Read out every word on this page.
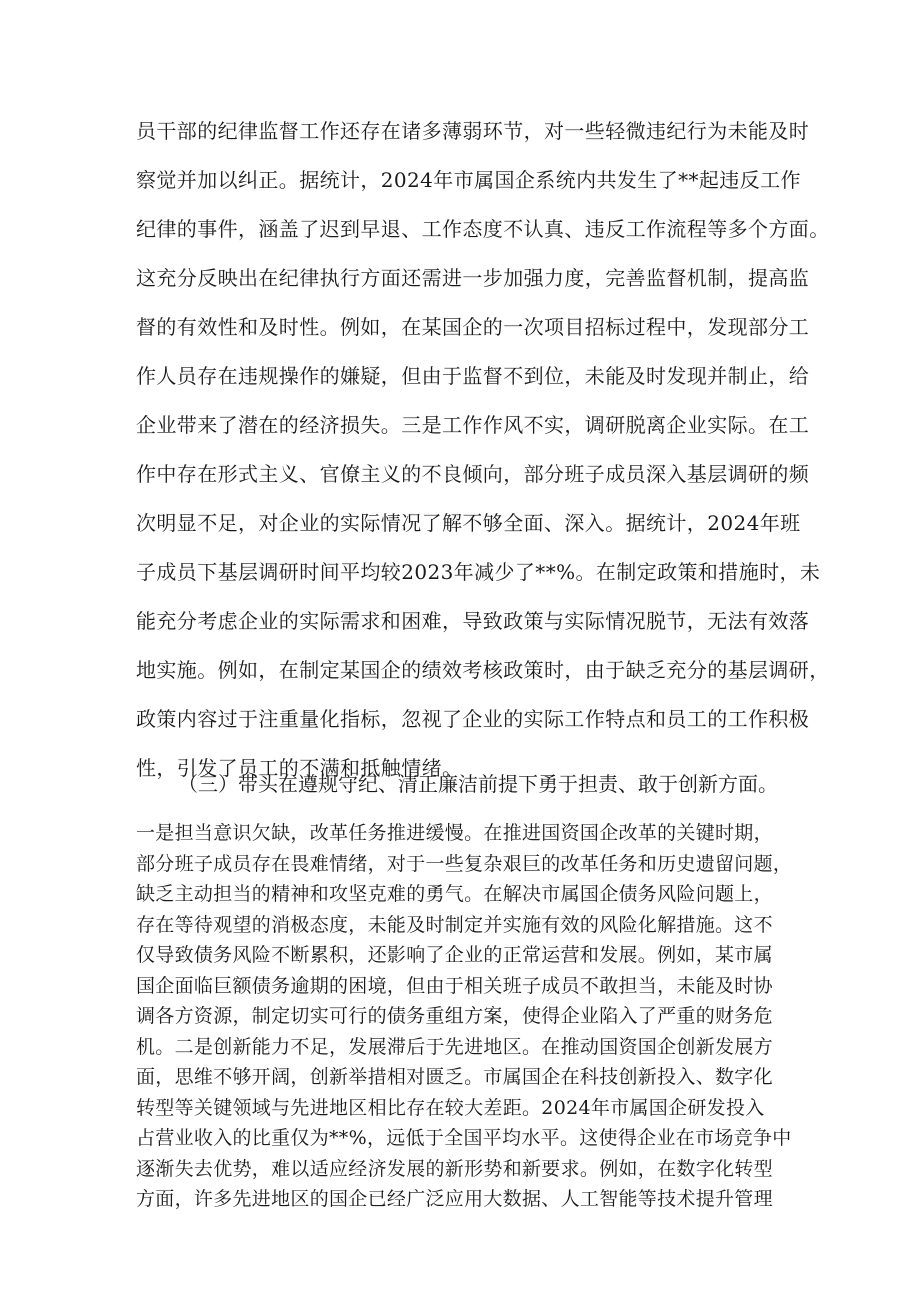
员干部的纪律监督工作还存在诸多薄弱环节，对一些轻微违纪行为未能及时

察觉并加以纠正。据统计，2024年市属国企系统内共发生了**起违反工作

纪律的事件，涵盖了迟到早退、工作态度不认真、违反工作流程等多个方面。

这充分反映出在纪律执行方面还需进一步加强力度，完善监督机制，提高监

督的有效性和及时性。例如，在某国企的一次项目招标过程中，发现部分工

作人员存在违规操作的嫌疑，但由于监督不到位，未能及时发现并制止，给

企业带来了潜在的经济损失。三是工作作风不实，调研脱离企业实际。在工

作中存在形式主义、官僚主义的不良倾向，部分班子成员深入基层调研的频

次明显不足，对企业的实际情况了解不够全面、深入。据统计，2024年班

子成员下基层调研时间平均较2023年减少了**%。在制定政策和措施时，未

能充分考虑企业的实际需求和困难，导致政策与实际情况脱节，无法有效落

地实施。例如，在制定某国企的绩效考核政策时，由于缺乏充分的基层调研，

政策内容过于注重量化指标，忽视了企业的实际工作特点和员工的工作积极

性，引发了员工的不满和抵触情绪。

（三）带头在遵规守纪、清正廉洁前提下勇于担责、敢于创新方面。

一是担当意识欠缺，改革任务推进缓慢。在推进国资国企改革的关键时期，

部分班子成员存在畏难情绪，对于一些复杂艰巨的改革任务和历史遗留问题，

缺乏主动担当的精神和攻坚克难的勇气。在解决市属国企债务风险问题上，

存在等待观望的消极态度，未能及时制定并实施有效的风险化解措施。这不

仅导致债务风险不断累积，还影响了企业的正常运营和发展。例如，某市属

国企面临巨额债务逾期的困境，但由于相关班子成员不敢担当，未能及时协

调各方资源，制定切实可行的债务重组方案，使得企业陷入了严重的财务危

机。二是创新能力不足，发展滞后于先进地区。在推动国资国企创新发展方

面，思维不够开阔，创新举措相对匮乏。市属国企在科技创新投入、数字化

转型等关键领域与先进地区相比存在较大差距。2024年市属国企研发投入

占营业收入的比重仅为**%，远低于全国平均水平。这使得企业在市场竞争中

逐渐失去优势，难以适应经济发展的新形势和新要求。例如，在数字化转型

方面，许多先进地区的国企已经广泛应用大数据、人工智能等技术提升管理
